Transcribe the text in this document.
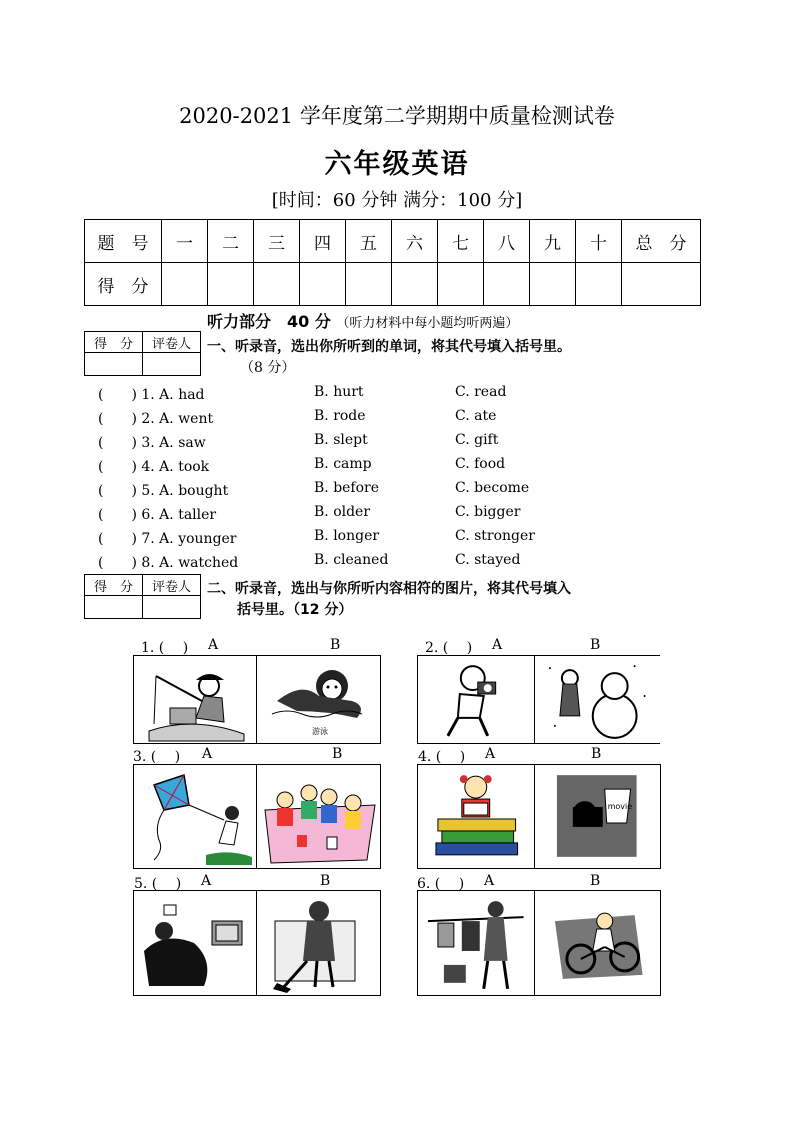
2020-2021 学年度第二学期期中质量检测试卷
六年级英语
[时间：60 分钟 满分：100 分]
题　号	一	二	三	四	五	六	七	八	九	十	总　分
得　分											
听力部分　40 分 （听力材料中每小题均听两遍）
得　分	评卷人
	一、听录音，选出你所听到的单词，将其代号填入括号里。
（8 分）
(　　) 1. A. had	B. hurt	C. read
(　　) 2. A. went	B. rode	C. ate
(　　) 3. A. saw	B. slept	C. gift
(　　) 4. A. took	B. camp	C. food
(　　) 5. A. bought	B. before	C. become
(　　) 6. A. taller	B. older	C. bigger
(　　) 7. A. younger	B. longer	C. stronger
(　　) 8. A. watched	B. cleaned	C. stayed
得　分	评卷人
	二、听录音，选出与你所听内容相符的图片，将其代号填入
括号里。（12 分）
1. (　 ) A	B	2. (　 ) A	B
3. (　 ) A	B	4. (　 ) A	B
5. (　 ) A	B	6. (　 ) A	B
游泳
movie
